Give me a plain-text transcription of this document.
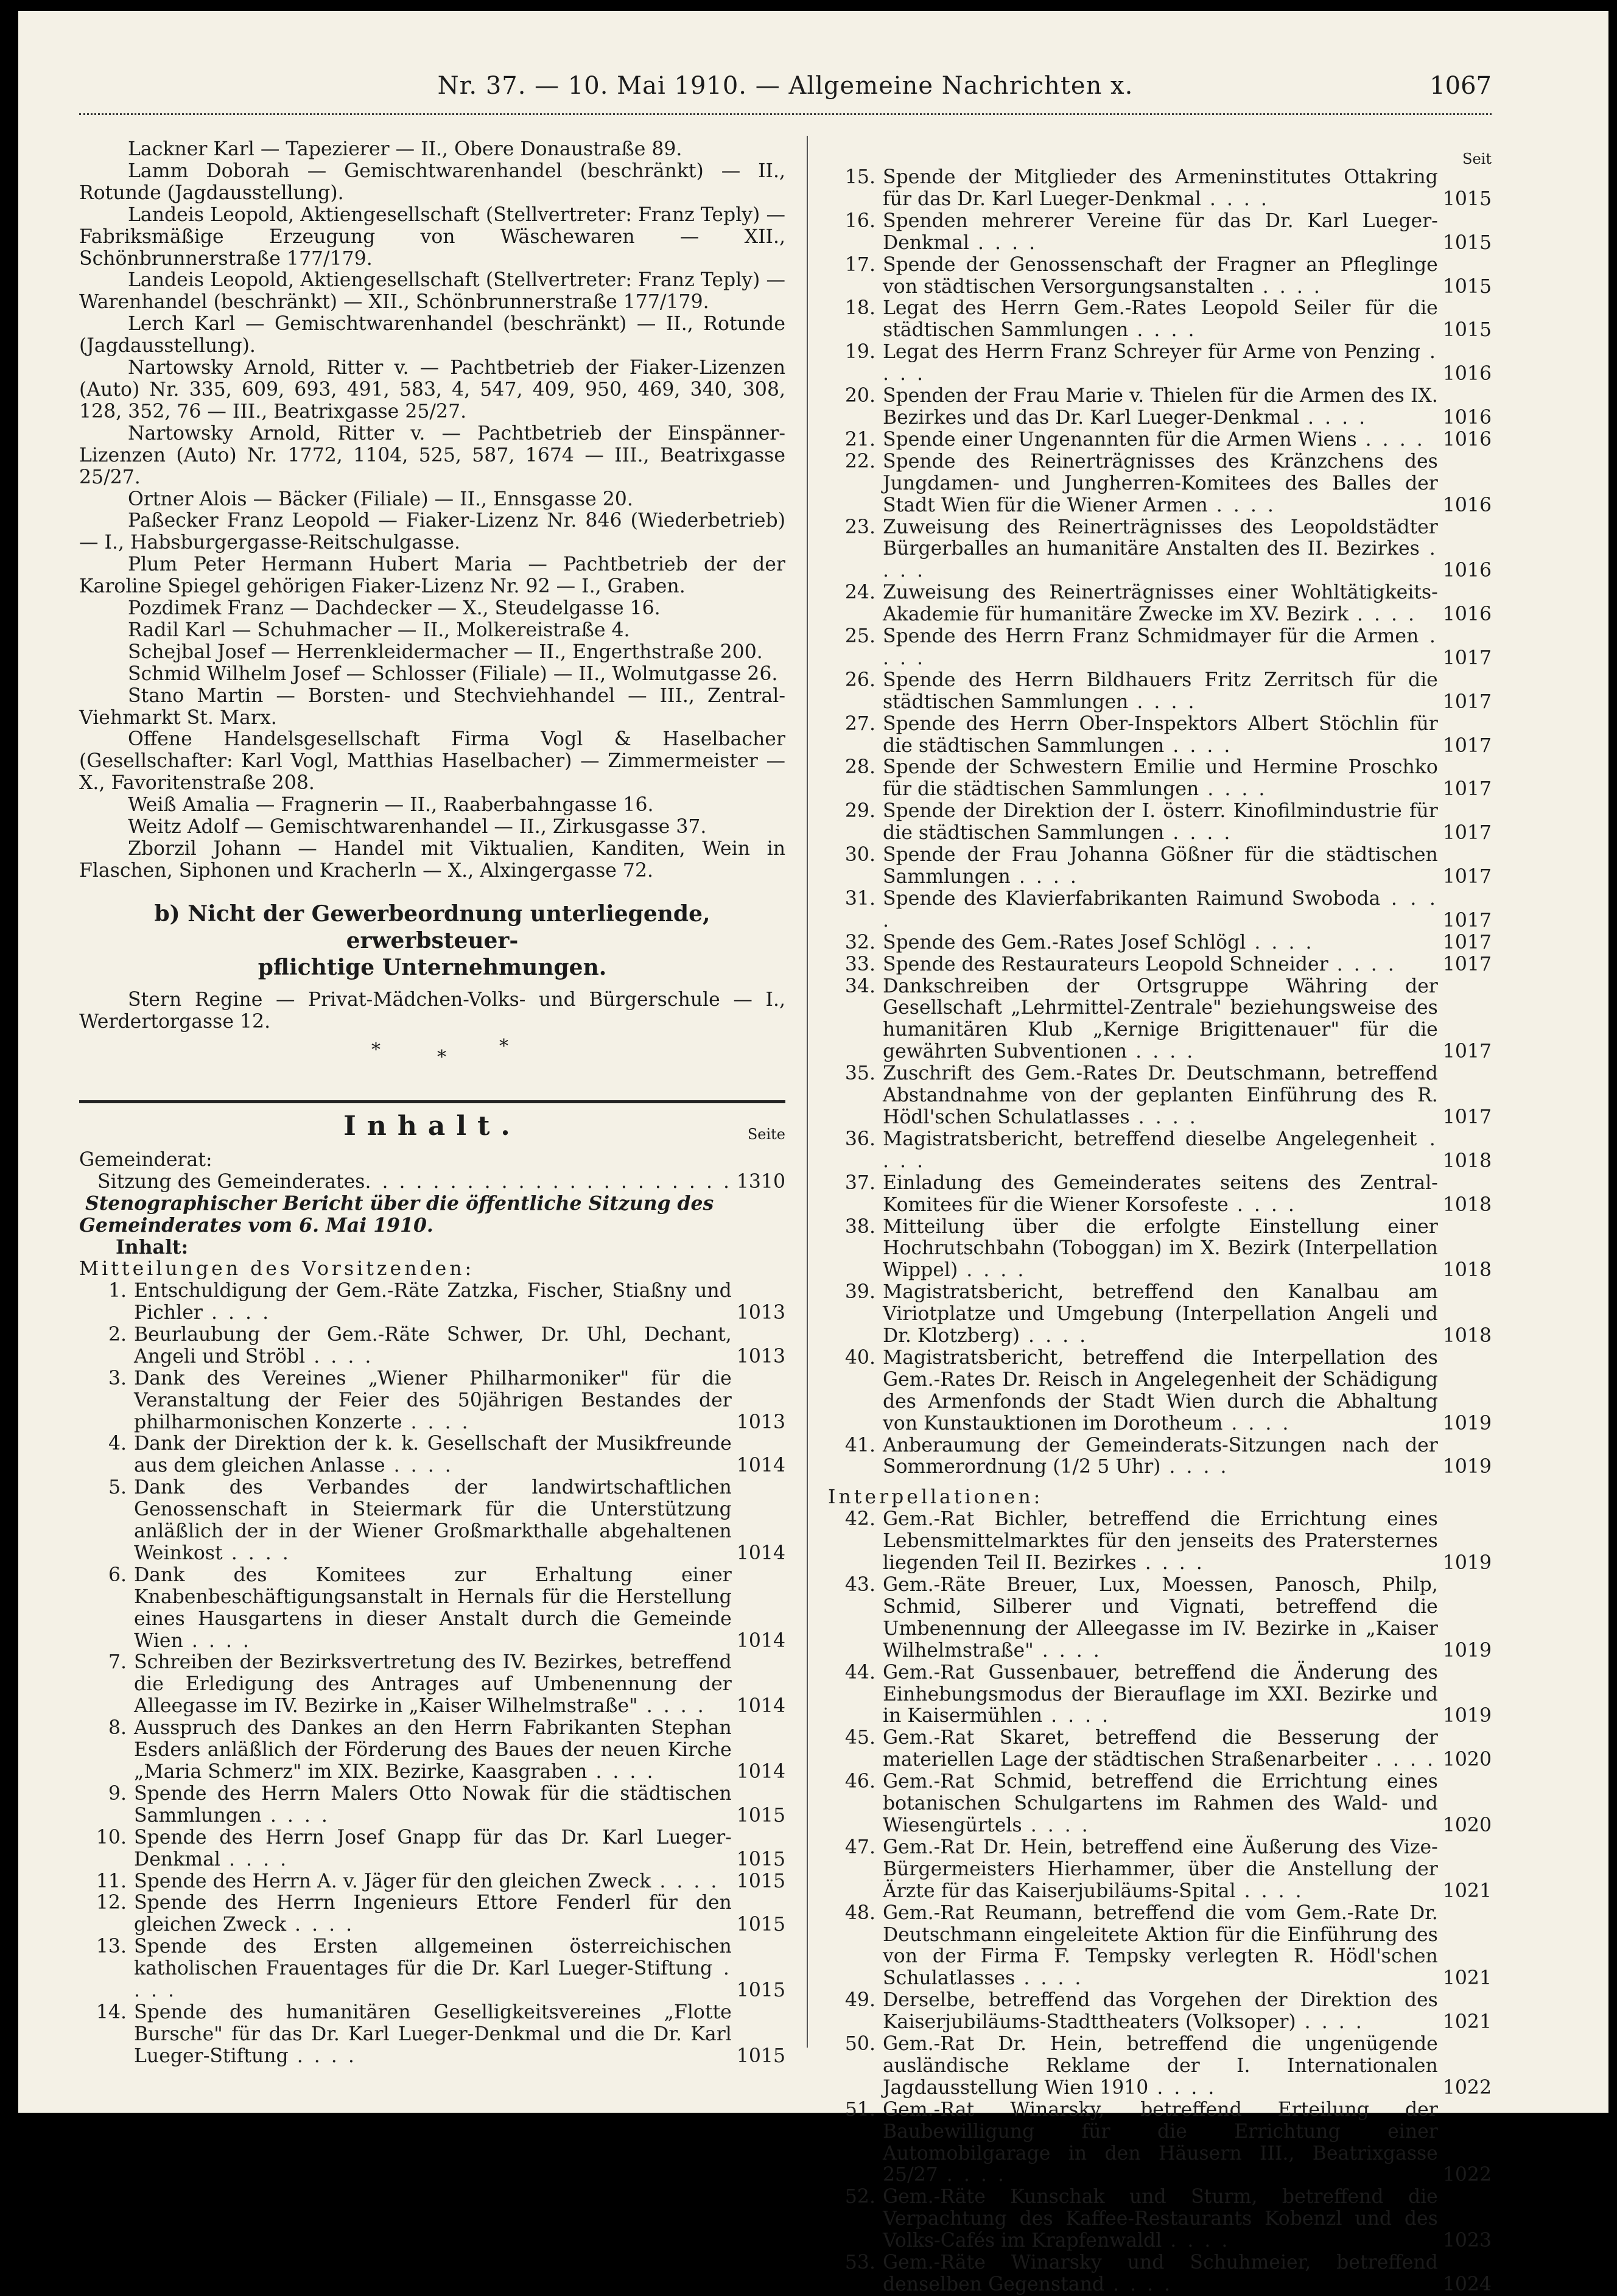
Nr. 37. — 10. Mai 1910. — Allgemeine Nachrichten x.	1067
Lackner Karl — Tapezierer — II., Obere Donaustraße 89.
Lamm Doborah — Gemischtwarenhandel (beschränkt) — II., Rotunde (Jagdausstellung).
Landeis Leopold, Aktiengesellschaft (Stellvertreter: Franz Teply) — Fabriksmäßige Erzeugung von Wäschewaren — XII., Schönbrunnerstraße 177/179.
Landeis Leopold, Aktiengesellschaft (Stellvertreter: Franz Teply) — Warenhandel (beschränkt) — XII., Schönbrunnerstraße 177/179.
Lerch Karl — Gemischtwarenhandel (beschränkt) — II., Rotunde (Jagdausstellung).
Nartowsky Arnold, Ritter v. — Pachtbetrieb der Fiaker-Lizenzen (Auto) Nr. 335, 609, 693, 491, 583, 4, 547, 409, 950, 469, 340, 308, 128, 352, 76 — III., Beatrixgasse 25/27.
Nartowsky Arnold, Ritter v. — Pachtbetrieb der Einspänner-Lizenzen (Auto) Nr. 1772, 1104, 525, 587, 1674 — III., Beatrixgasse 25/27.
Ortner Alois — Bäcker (Filiale) — II., Ennsgasse 20.
Paßecker Franz Leopold — Fiaker-Lizenz Nr. 846 (Wiederbetrieb) — I., Habsburgergasse-Reitschulgasse.
Plum Peter Hermann Hubert Maria — Pachtbetrieb der der Karoline Spiegel gehörigen Fiaker-Lizenz Nr. 92 — I., Graben.
Pozdimek Franz — Dachdecker — X., Steudelgasse 16.
Radil Karl — Schuhmacher — II., Molkereistraße 4.
Schejbal Josef — Herrenkleidermacher — II., Engerthstraße 200.
Schmid Wilhelm Josef — Schlosser (Filiale) — II., Wolmutgasse 26.
Stano Martin — Borsten- und Stechviehhandel — III., Zentral-Viehmarkt St. Marx.
Offene Handelsgesellschaft Firma Vogl & Haselbacher (Gesellschafter: Karl Vogl, Matthias Haselbacher) — Zimmermeister — X., Favoritenstraße 208.
Weiß Amalia — Fragnerin — II., Raaberbahngasse 16.
Weitz Adolf — Gemischtwarenhandel — II., Zirkusgasse 37.
Zborzil Johann — Handel mit Viktualien, Kanditen, Wein in Flaschen, Siphonen und Kracherln — X., Alxingergasse 72.
b) Nicht der Gewerbeordnung unterliegende, erwerbsteuer-
pflichtige Unternehmungen.
Stern Regine — Privat-Mädchen-Volks- und Bürgerschule — I., Werdertorgasse 12.
*	*
*
Inhalt.	Seite
Gemeinderat:
Sitzung des Gemeinderates . . .	1310
Stenographischer Bericht über die öffentliche Sitzung des Gemeinderates vom 6. Mai 1910.
Inhalt:
Mitteilungen des Vorsitzenden:
1. Entschuldigung der Gem.-Räte Zatzka, Fischer, Stiaßny und Pichler . . . .	1013
2. Beurlaubung der Gem.-Räte Schwer, Dr. Uhl, Dechant, Angeli und Ströbl . . . .	1013
3. Dank des Vereines „Wiener Philharmoniker" für die Veranstaltung der Feier des 50jährigen Bestandes der philharmonischen Konzerte . . . .	1013
4. Dank der Direktion der k. k. Gesellschaft der Musikfreunde aus dem gleichen Anlasse . . . .	1014
5. Dank des Verbandes der landwirtschaftlichen Genossenschaft in Steiermark für die Unterstützung anläßlich der in der Wiener Großmarkthalle abgehaltenen Weinkost . . . .	1014
6. Dank des Komitees zur Erhaltung einer Knabenbeschäftigungsanstalt in Hernals für die Herstellung eines Hausgartens in dieser Anstalt durch die Gemeinde Wien . . . .	1014
7. Schreiben der Bezirksvertretung des IV. Bezirkes, betreffend die Erledigung des Antrages auf Umbenennung der Alleegasse im IV. Bezirke in „Kaiser Wilhelmstraße" . . . .	1014
8. Ausspruch des Dankes an den Herrn Fabrikanten Stephan Esders anläßlich der Förderung des Baues der neuen Kirche „Maria Schmerz" im XIX. Bezirke, Kaasgraben . . . .	1014
9. Spende des Herrn Malers Otto Nowak für die städtischen Sammlungen . . . .	1015
10. Spende des Herrn Josef Gnapp für das Dr. Karl Lueger-Denkmal . . . .	1015
11. Spende des Herrn A. v. Jäger für den gleichen Zweck . . . . 1015
12. Spende des Herrn Ingenieurs Ettore Fenderl für den gleichen Zweck . . . .	1015
13. Spende des Ersten allgemeinen österreichischen katholischen Frauentages für die Dr. Karl Lueger-Stiftung . . . .	1015
14. Spende des humanitären Geselligkeitsvereines „Flotte Bursche" für das Dr. Karl Lueger-Denkmal und die Dr. Karl Lueger-Stiftung . . . .	1015
Seit
15. Spende der Mitglieder des Armeninstitutes Ottakring für das Dr. Karl Lueger-Denkmal . . . .	1015
16. Spenden mehrerer Vereine für das Dr. Karl Lueger-Denkmal . . . .	1015
17. Spende der Genossenschaft der Fragner an Pfleglinge von städtischen Versorgungsanstalten . . . .	1015
18. Legat des Herrn Gem.-Rates Leopold Seiler für die städtischen Sammlungen . . . .	1015
19. Legat des Herrn Franz Schreyer für Arme von Penzing . . . .	1016
20. Spenden der Frau Marie v. Thielen für die Armen des IX. Bezirkes und das Dr. Karl Lueger-Denkmal . . . .	1016
21. Spende einer Ungenannten für die Armen Wiens . . . . 1016
22. Spende des Reinerträgnisses des Kränzchens des Jungdamen- und Jungherren-Komitees des Balles der Stadt Wien für die Wiener Armen . . . .	1016
23. Zuweisung des Reinerträgnisses des Leopoldstädter Bürgerballes an humanitäre Anstalten des II. Bezirkes . . . .	1016
24. Zuweisung des Reinerträgnisses einer Wohltätigkeits-Akademie für humanitäre Zwecke im XV. Bezirk . . . .	1016
25. Spende des Herrn Franz Schmidmayer für die Armen . . . .	1017
26. Spende des Herrn Bildhauers Fritz Zerritsch für die städtischen Sammlungen . . . .	1017
27. Spende des Herrn Ober-Inspektors Albert Stöchlin für die städtischen Sammlungen . . . .	1017
28. Spende der Schwestern Emilie und Hermine Proschko für die städtischen Sammlungen . . . .	1017
29. Spende der Direktion der I. österr. Kinofilmindustrie für die städtischen Sammlungen . . . .	1017
30. Spende der Frau Johanna Gößner für die städtischen Sammlungen . . . .	1017
31. Spende des Klavierfabrikanten Raimund Swoboda . . . .	1017
32. Spende des Gem.-Rates Josef Schlögl . . . .	1017
33. Spende des Restaurateurs Leopold Schneider . . . .	1017
34. Dankschreiben der Ortsgruppe Währing der Gesellschaft „Lehrmittel-Zentrale" beziehungsweise des humanitären Klub „Kernige Brigittenauer" für die gewährten Subventionen . . . .	1017
35. Zuschrift des Gem.-Rates Dr. Deutschmann, betreffend Abstandnahme von der geplanten Einführung des R. Hödl'schen Schulatlasses . . . .	1017
36. Magistratsbericht, betreffend dieselbe Angelegenheit . . . .	1018
37. Einladung des Gemeinderates seitens des Zentral-Komitees für die Wiener Korsofeste . . . .	1018
38. Mitteilung über die erfolgte Einstellung einer Hochrutschbahn (Toboggan) im X. Bezirk (Interpellation Wippel) . . . .	1018
39. Magistratsbericht, betreffend den Kanalbau am Viriotplatze und Umgebung (Interpellation Angeli und Dr. Klotzberg) . . . .	1018
40. Magistratsbericht, betreffend die Interpellation des Gem.-Rates Dr. Reisch in Angelegenheit der Schädigung des Armenfonds der Stadt Wien durch die Abhaltung von Kunstauktionen im Dorotheum . . . .	1019
41. Anberaumung der Gemeinderats-Sitzungen nach der Sommerordnung (1/2 5 Uhr) . . . .	1019
Interpellationen:
42. Gem.-Rat Bichler, betreffend die Errichtung eines Lebensmittelmarktes für den jenseits des Pratersternes liegenden Teil II. Bezirkes . . . .	1019
43. Gem.-Räte Breuer, Lux, Moessen, Panosch, Philp, Schmid, Silberer und Vignati, betreffend die Umbenennung der Alleegasse im IV. Bezirke in „Kaiser Wilhelmstraße" . . . .	1019
44. Gem.-Rat Gussenbauer, betreffend die Änderung des Einhebungsmodus der Bierauflage im XXI. Bezirke und in Kaisermühlen . . . .	1019
45. Gem.-Rat Skaret, betreffend die Besserung der materiellen Lage der städtischen Straßenarbeiter . . . . 1020
46. Gem.-Rat Schmid, betreffend die Errichtung eines botanischen Schulgartens im Rahmen des Wald- und Wiesengürtels . . . .	1020
47. Gem.-Rat Dr. Hein, betreffend eine Äußerung des Vize-Bürgermeisters Hierhammer, über die Anstellung der Ärzte für das Kaiserjubiläums-Spital . . . .	1021
48. Gem.-Rat Reumann, betreffend die vom Gem.-Rate Dr. Deutschmann eingeleitete Aktion für die Einführung des von der Firma F. Tempsky verlegten R. Hödl'schen Schulatlasses . . . .	1021
49. Derselbe, betreffend das Vorgehen der Direktion des Kaiserjubiläums-Stadttheaters (Volksoper) . . . .	1021
50. Gem.-Rat Dr. Hein, betreffend die ungenügende ausländische Reklame der I. Internationalen Jagdausstellung Wien 1910 . . . .	1022
51. Gem.-Rat Winarsky, betreffend Erteilung der Baubewilligung für die Errichtung einer Automobilgarage in den Häusern III., Beatrixgasse 25/27 . . . .	1022
52. Gem.-Räte Kunschak und Sturm, betreffend die Verpachtung des Kaffee-Restaurants Kobenzl und des Volks-Cafés im Krapfenwaldl . . . .	1023
53. Gem.-Räte Winarsky und Schuhmeier, betreffend denselben Gegenstand . . . .	1024
